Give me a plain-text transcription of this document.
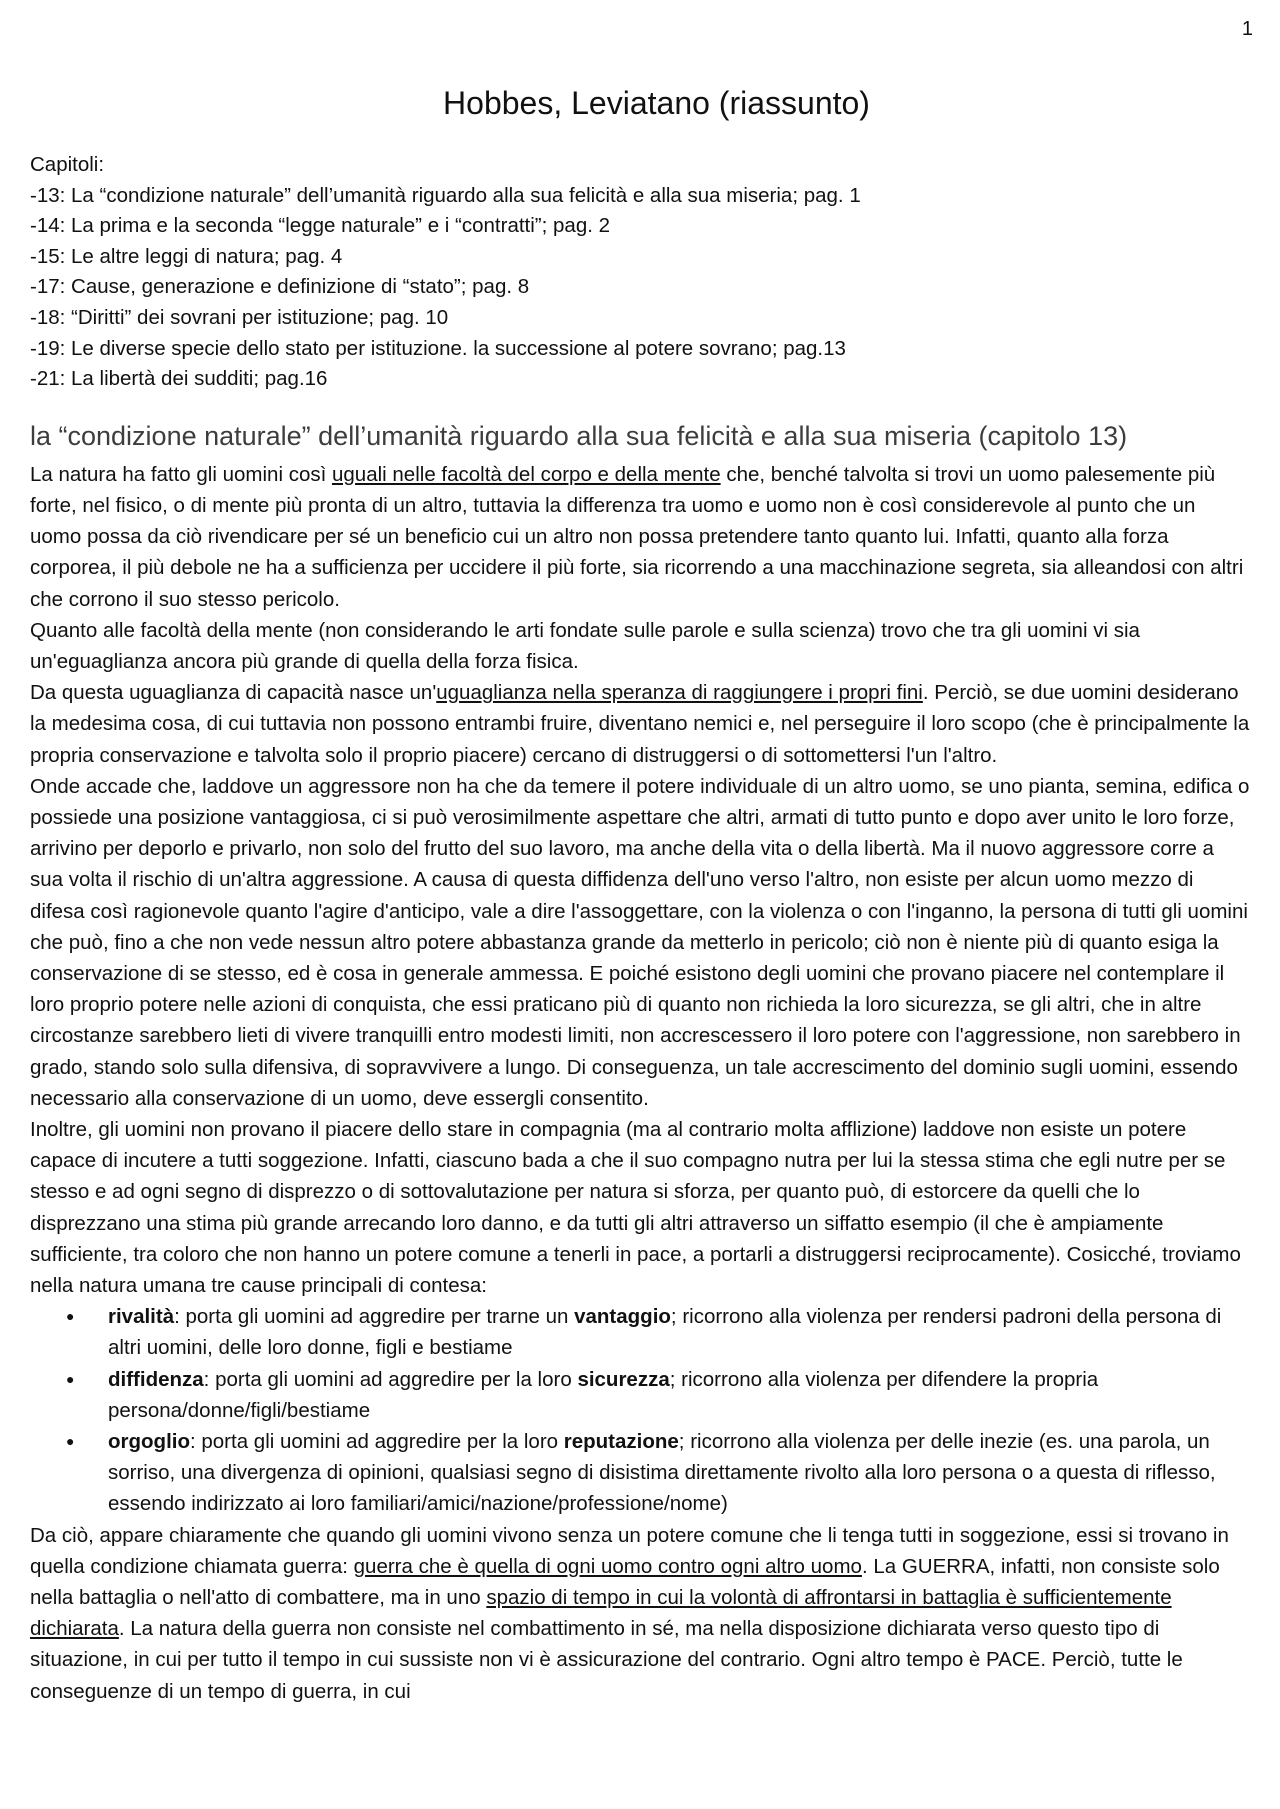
1
Hobbes, Leviatano (riassunto)
Capitoli:
-13: La “condizione naturale” dell’umanità riguardo alla sua felicità e alla sua miseria; pag. 1
-14: La prima e la seconda “legge naturale” e i “contratti”; pag. 2
-15: Le altre leggi di natura; pag. 4
-17: Cause, generazione e definizione di “stato”; pag. 8
-18: “Diritti” dei sovrani per istituzione; pag. 10
-19: Le diverse specie dello stato per istituzione. la successione al potere sovrano; pag.13
-21: La libertà dei sudditi; pag.16
la “condizione naturale” dell’umanità riguardo alla sua felicità e alla sua miseria (capitolo 13)

La natura ha fatto gli uomini così uguali nelle facoltà del corpo e della mente che, benché talvolta si trovi un uomo palesemente più forte, nel fisico, o di mente più pronta di un altro, tuttavia la differenza tra uomo e uomo non è così considerevole al punto che un uomo possa da ciò rivendicare per sé un beneficio cui un altro non possa pretendere tanto quanto lui. Infatti, quanto alla forza corporea, il più debole ne ha a sufficienza per uccidere il più forte, sia ricorrendo a una macchinazione segreta, sia alleandosi con altri che corrono il suo stesso pericolo.

Quanto alle facoltà della mente (non considerando le arti fondate sulle parole e sulla scienza) trovo che tra gli uomini vi sia un'eguaglianza ancora più grande di quella della forza fisica.

Da questa uguaglianza di capacità nasce un'uguaglianza nella speranza di raggiungere i propri fini. Perciò, se due uomini desiderano la medesima cosa, di cui tuttavia non possono entrambi fruire, diventano nemici e, nel perseguire il loro scopo (che è principalmente la propria conservazione e talvolta solo il proprio piacere) cercano di distruggersi o di sottomettersi l'un l'altro.

Onde accade che, laddove un aggressore non ha che da temere il potere individuale di un altro uomo, se uno pianta, semina, edifica o possiede una posizione vantaggiosa, ci si può verosimilmente aspettare che altri, armati di tutto punto e dopo aver unito le loro forze, arrivino per deporlo e privarlo, non solo del frutto del suo lavoro, ma anche della vita o della libertà. Ma il nuovo aggressore corre a sua volta il rischio di un'altra aggressione. A causa di questa diffidenza dell'uno verso l'altro, non esiste per alcun uomo mezzo di difesa così ragionevole quanto l'agire d'anticipo, vale a dire l'assoggettare, con la violenza o con l'inganno, la persona di tutti gli uomini che può, fino a che non vede nessun altro potere abbastanza grande da metterlo in pericolo; ciò non è niente più di quanto esiga la conservazione di se stesso, ed è cosa in generale ammessa. E poiché esistono degli uomini che provano piacere nel contemplare il loro proprio potere nelle azioni di conquista, che essi praticano più di quanto non richieda la loro sicurezza, se gli altri, che in altre circostanze sarebbero lieti di vivere tranquilli entro modesti limiti, non accrescessero il loro potere con l'aggressione, non sarebbero in grado, stando solo sulla difensiva, di sopravvivere a lungo. Di conseguenza, un tale accrescimento del dominio sugli uomini, essendo necessario alla conservazione di un uomo, deve essergli consentito.

Inoltre, gli uomini non provano il piacere dello stare in compagnia (ma al contrario molta afflizione) laddove non esiste un potere capace di incutere a tutti soggezione. Infatti, ciascuno bada a che il suo compagno nutra per lui la stessa stima che egli nutre per se stesso e ad ogni segno di disprezzo o di sottovalutazione per natura si sforza, per quanto può, di estorcere da quelli che lo disprezzano una stima più grande arrecando loro danno, e da tutti gli altri attraverso un siffatto esempio (il che è ampiamente sufficiente, tra coloro che non hanno un potere comune a tenerli in pace, a portarli a distruggersi reciprocamente). Cosicché, troviamo nella natura umana tre cause principali di contesa:

● rivalità: porta gli uomini ad aggredire per trarne un vantaggio; ricorrono alla violenza per rendersi padroni della persona di altri uomini, delle loro donne, figli e bestiame
● diffidenza: porta gli uomini ad aggredire per la loro sicurezza; ricorrono alla violenza per difendere la propria persona/donne/figli/bestiame
● orgoglio: porta gli uomini ad aggredire per la loro reputazione; ricorrono alla violenza per delle inezie (es. una parola, un sorriso, una divergenza di opinioni, qualsiasi segno di disistima direttamente rivolto alla loro persona o a questa di riflesso, essendo indirizzato ai loro familiari/amici/nazione/professione/nome)

Da ciò, appare chiaramente che quando gli uomini vivono senza un potere comune che li tenga tutti in soggezione, essi si trovano in quella condizione chiamata guerra: guerra che è quella di ogni uomo contro ogni altro uomo. La GUERRA, infatti, non consiste solo nella battaglia o nell'atto di combattere, ma in uno spazio di tempo in cui la volontà di affrontarsi in battaglia è sufficientemente dichiarata. La natura della guerra non consiste nel combattimento in sé, ma nella disposizione dichiarata verso questo tipo di situazione, in cui per tutto il tempo in cui sussiste non vi è assicurazione del contrario. Ogni altro tempo è PACE. Perciò, tutte le conseguenze di un tempo di guerra, in cui
